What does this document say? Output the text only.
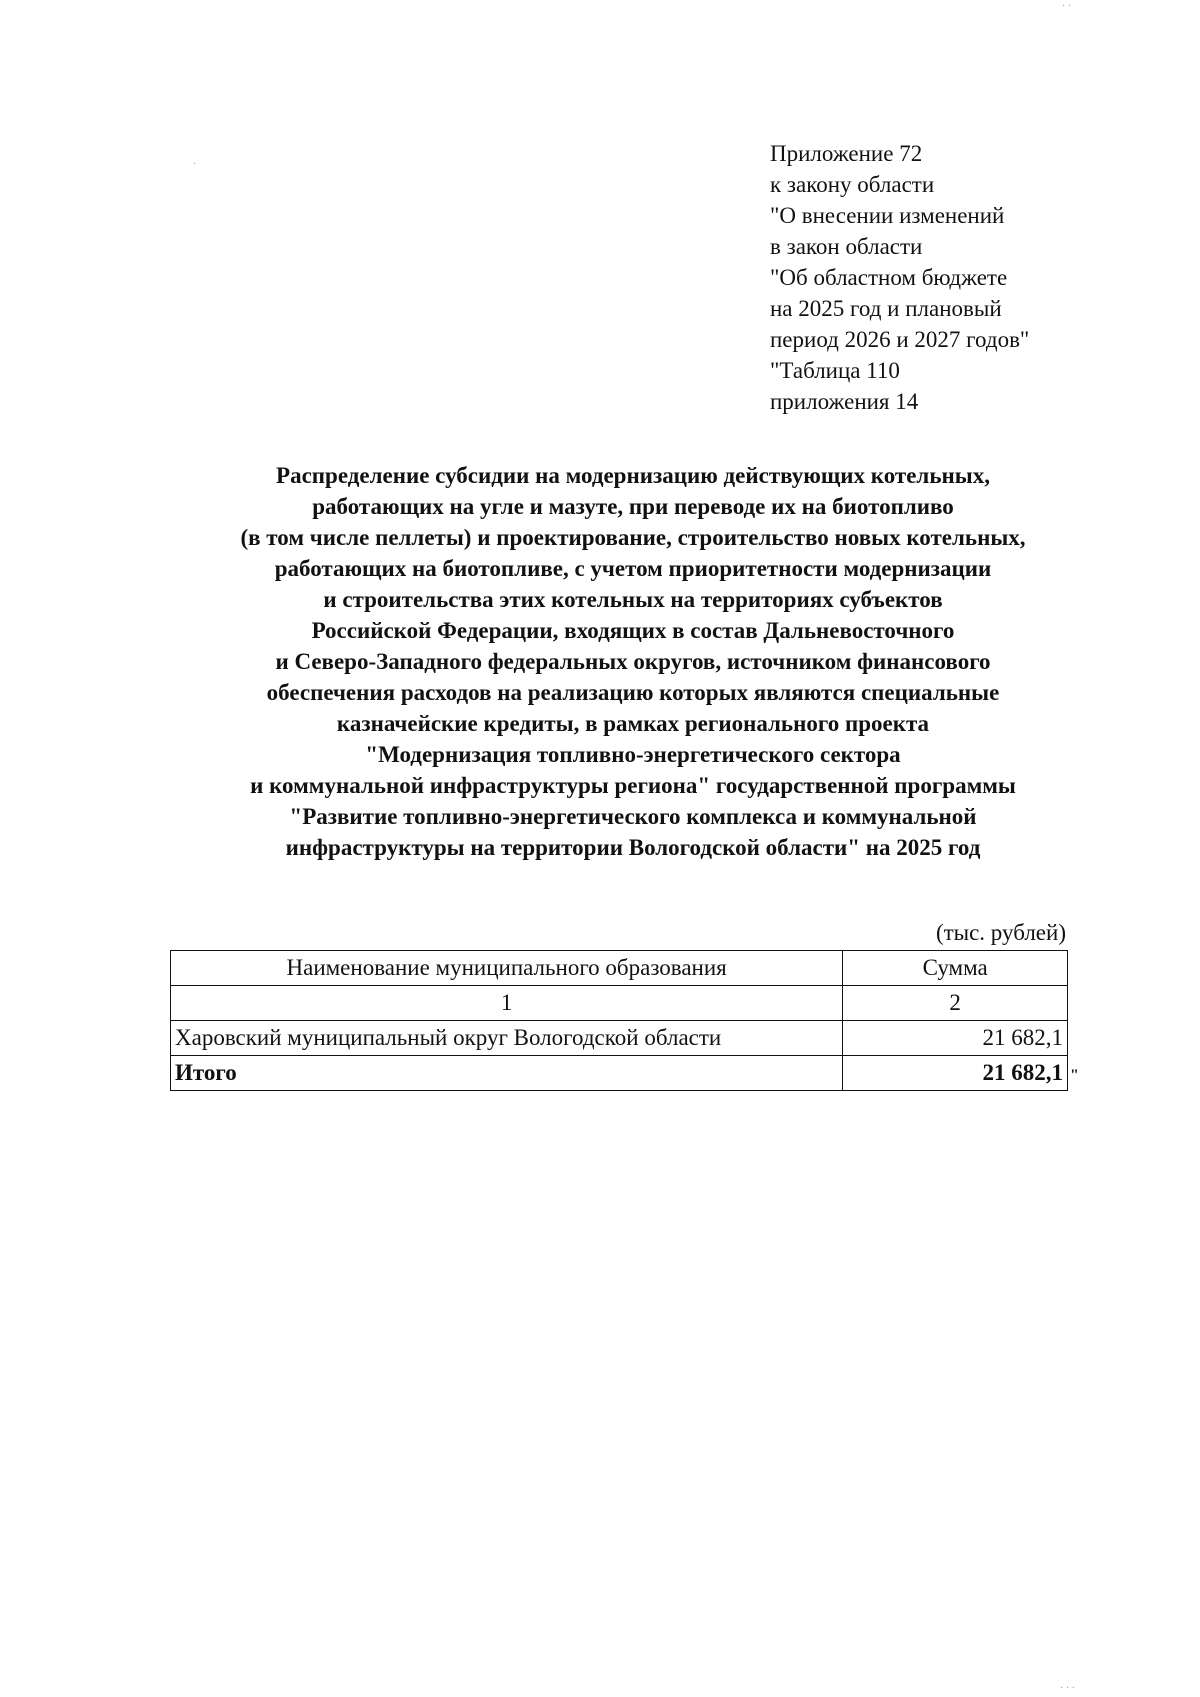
Приложение 72
к закону области
"О внесении изменений
в закон области
"Об областном бюджете
на 2025 год и плановый
период 2026 и 2027 годов"
"Таблица 110
приложения 14
Распределение субсидии на модернизацию действующих котельных,
работающих на угле и мазуте, при переводе их на биотопливо
(в том числе пеллеты) и проектирование, строительство новых котельных,
работающих на биотопливе, с учетом приоритетности модернизации
и строительства этих котельных на территориях субъектов
Российской Федерации, входящих в состав Дальневосточного
и Северо-Западного федеральных округов, источником финансового
обеспечения расходов на реализацию которых являются специальные
казначейские кредиты, в рамках регионального проекта
"Модернизация топливно-энергетического сектора
и коммунальной инфраструктуры региона" государственной программы
"Развитие топливно-энергетического комплекса и коммунальной
инфраструктуры на территории Вологодской области" на 2025 год
(тыс. рублей)
Наименование муниципального образования	Сумма
1	2
Харовский муниципальный округ Вологодской области	21 682,1
Итого	21 682,1 "
· ·
· · ·
·
